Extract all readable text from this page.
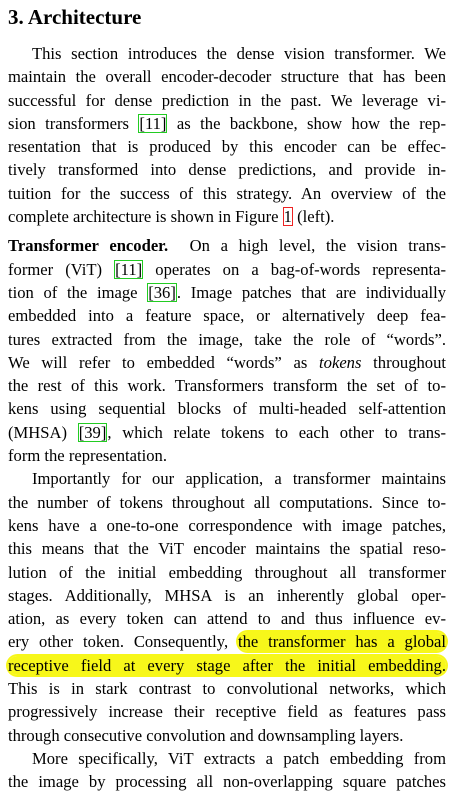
3. Architecture
This section introduces the dense vision transformer. We
maintain the overall encoder-decoder structure that has been
successful for dense prediction in the past. We leverage vi-
sion transformers [11] as the backbone, show how the rep-
resentation that is produced by this encoder can be effec-
tively transformed into dense predictions, and provide in-
tuition for the success of this strategy. An overview of the
complete architecture is shown in Figure 1 (left).
Transformer encoder.  On a high level, the vision trans-
former (ViT) [11] operates on a bag-of-words representa-
tion of the image [36]. Image patches that are individually
embedded into a feature space, or alternatively deep fea-
tures extracted from the image, take the role of “words”.
We will refer to embedded “words” as tokens throughout
the rest of this work. Transformers transform the set of to-
kens using sequential blocks of multi-headed self-attention
(MHSA) [39], which relate tokens to each other to trans-
form the representation.
Importantly for our application, a transformer maintains
the number of tokens throughout all computations. Since to-
kens have a one-to-one correspondence with image patches,
this means that the ViT encoder maintains the spatial reso-
lution of the initial embedding throughout all transformer
stages. Additionally, MHSA is an inherently global oper-
ation, as every token can attend to and thus influence ev-
ery other token. Consequently, the transformer has a global
receptive field at every stage after the initial embedding.
This is in stark contrast to convolutional networks, which
progressively increase their receptive field as features pass
through consecutive convolution and downsampling layers.
More specifically, ViT extracts a patch embedding from
the image by processing all non-overlapping square patches
